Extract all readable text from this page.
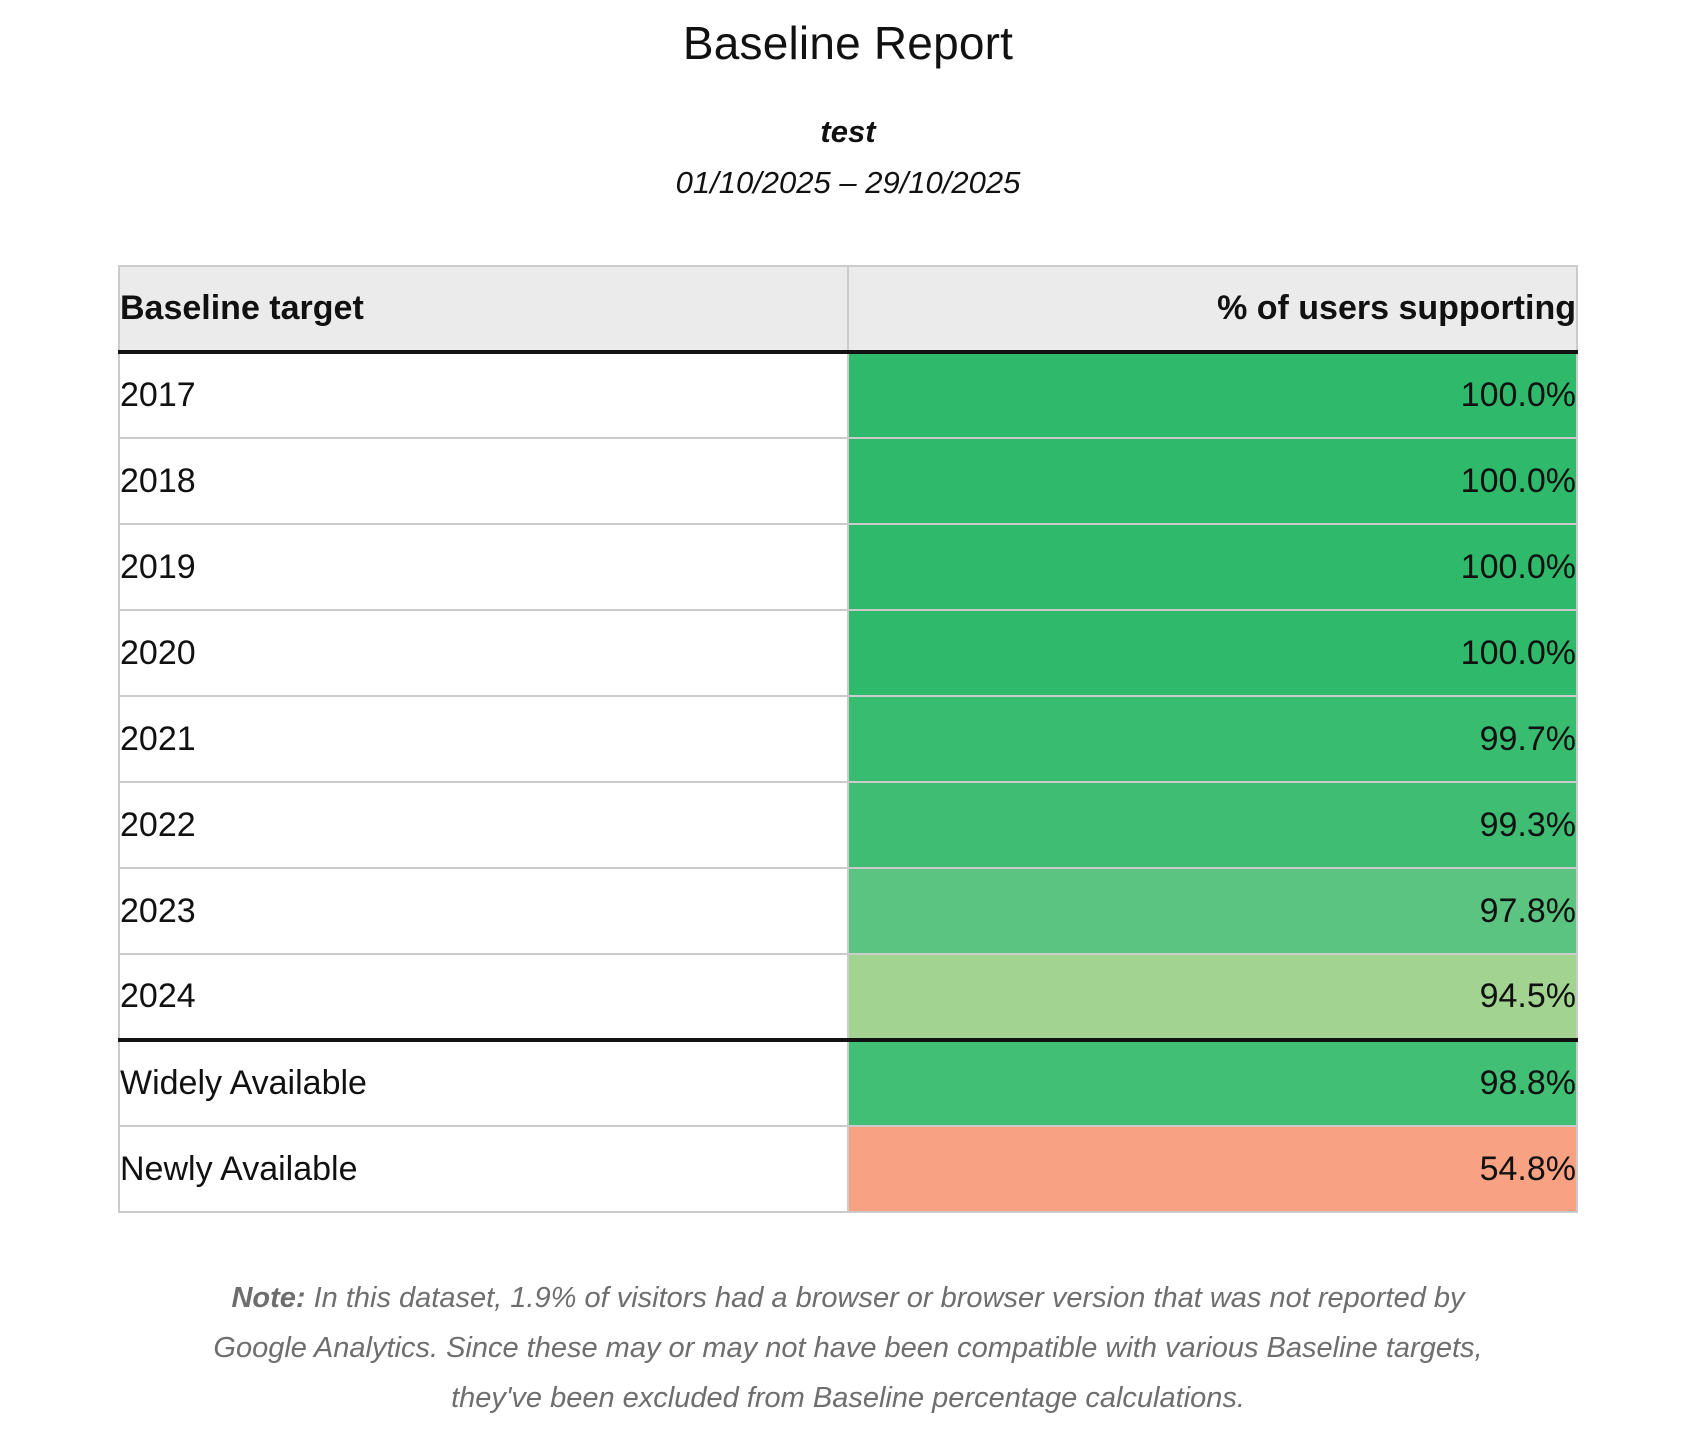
Baseline Report

test

01/10/2025 – 29/10/2025

Baseline target	% of users supporting
2017	100.0%
2018	100.0%
2019	100.0%
2020	100.0%
2021	99.7%
2022	99.3%
2023	97.8%
2024	94.5%
Widely Available	98.8%
Newly Available	54.8%

Note: In this dataset, 1.9% of visitors had a browser or browser version that was not reported by Google Analytics. Since these may or may not have been compatible with various Baseline targets, they've been excluded from Baseline percentage calculations.
